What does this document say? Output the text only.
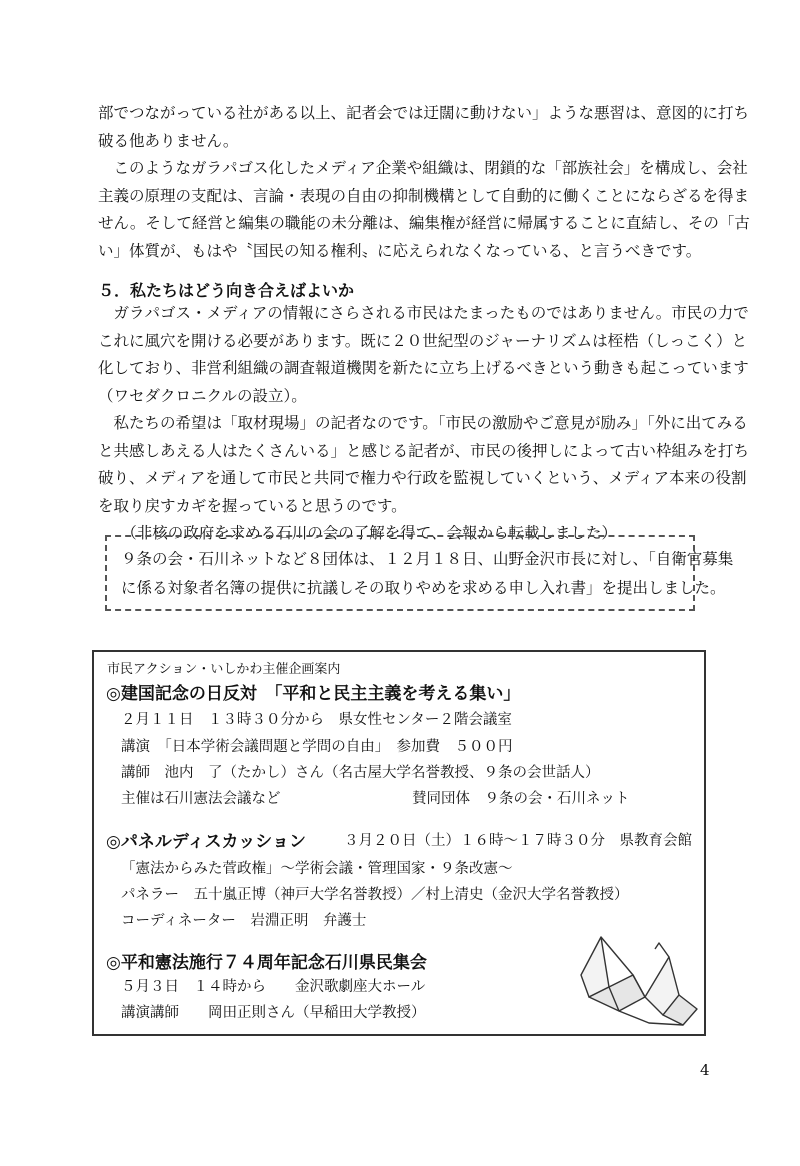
部でつながっている社がある以上、記者会では迂闊に動けない」ような悪習は、意図的に打ち
破る他ありません。
　このようなガラパゴス化したメディア企業や組織は、閉鎖的な「部族社会」を構成し、会社
主義の原理の支配は、言論・表現の自由の抑制機構として自動的に働くことにならざるを得ま
せん。そして経営と編集の職能の未分離は、編集権が経営に帰属することに直結し、その「古
い」体質が、もはや〝国民の知る権利〟に応えられなくなっている、と言うべきです。
５．私たちはどう向き合えばよいか
　ガラパゴス・メディアの情報にさらされる市民はたまったものではありません。市民の力で
これに風穴を開ける必要があります。既に２０世紀型のジャーナリズムは桎梏（しっこく）と
化しており、非営利組織の調査報道機関を新たに立ち上げるべきという動きも起こっています
（ワセダクロニクルの設立）。
　私たちの希望は「取材現場」の記者なのです。「市民の激励やご意見が励み」「外に出てみる
と共感しあえる人はたくさんいる」と感じる記者が、市民の後押しによって古い枠組みを打ち
破り、メディアを通して市民と共同で権力や行政を監視していくという、メディア本来の役割
を取り戻すカギを握っていると思うのです。
　　（非核の政府を求める石川の会の了解を得て、会報から転載しました）
９条の会・石川ネットなど８団体は、１２月１８日、山野金沢市長に対し、「自衛官募集
に係る対象者名簿の提供に抗議しその取りやめを求める申し入れ書」を提出しました。

市民アクション・いしかわ主催企画案内

◎建国記念の日反対　「平和と民主主義を考える集い」

２月１１日　１３時３０分から　県女性センター２階会議室

講演　「日本学術会議問題と学問の自由」　参加費　５００円

講師　池内　了（たかし）さん（名古屋大学名誉教授、９条の会世話人）

主催は石川憲法会議など	賛同団体　９条の会・石川ネット

◎パネルディスカッション	３月２０日（土）１６時～１７時３０分　県教育会館

「憲法からみた菅政権」～学術会議・管理国家・９条改憲～

パネラー　五十嵐正博（神戸大学名誉教授）／村上清史（金沢大学名誉教授）

コーディネーター　岩淵正明　弁護士

◎平和憲法施行７４周年記念石川県民集会

５月３日　１４時から　　金沢歌劇座大ホール

講演講師　　岡田正則さん（早稲田大学教授）

4
